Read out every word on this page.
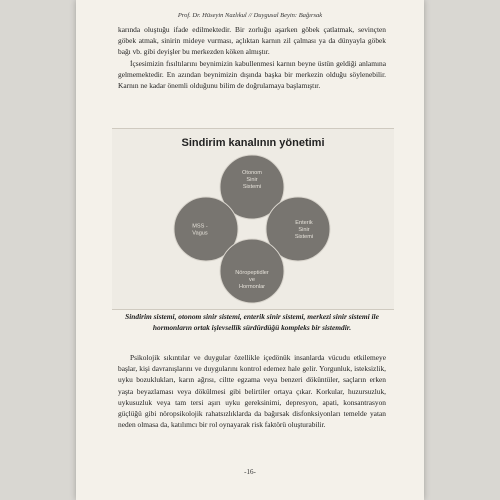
Prof. Dr. Hüseyin Nazlıkul // Duygusal Beyin: Bağırsak

karında oluştuğu ifade edilmektedir. Bir zorluğu aşarken göbek çatlatmak, sevinçten göbek atmak, sinirin mideye vurması, açlıktan karnın zil çalması ya da dünyayla göbek bağı vb. gibi deyişler bu merkezden köken almıştır.

İçsesimizin fısıltılarını beynimizin kabullenmesi karnın beyne üstün geldiği anlamına gelmemektedir. En azından beynimizin dışında başka bir merkezin olduğu söylenebilir. Karnın ne kadar önemli olduğunu bilim de doğrulamaya başlamıştır.

Sindirim kanalının yönetimi
Otonom
Sinir
Sistemi
MSS -
Vagus
Enterik
Sinir
Sistemi
Nöropeptidler
ve
Hormonlar
Sindirim sistemi, otonom sinir sistemi, enterik sinir sistemi, merkezi sinir sistemi ile hormonların ortak işlevsellik sürdürdüğü kompleks bir sistemdir.

Psikolojik sıkıntılar ve duygular özellikle içedönük insanlarda vücudu etkilemeye başlar, kişi davranışlarını ve duygularını kontrol edemez hale gelir. Yorgunluk, isteksizlik, uyku bozuklukları, karın ağrısı, ciltte egzama veya benzeri döküntüler, saçların erken yaşta beyazlaması veya dökülmesi gibi belirtiler ortaya çıkar. Korkular, huzursuzluk, uykusuzluk veya tam tersi aşırı uyku gereksinimi, depresyon, apati, konsantrasyon güçlüğü gibi nöropsikolojik rahatsızlıklarda da bağırsak disfonksiyonları temelde yatan neden olmasa da, katılımcı bir rol oynayarak risk faktörü oluşturabilir.

-16-
